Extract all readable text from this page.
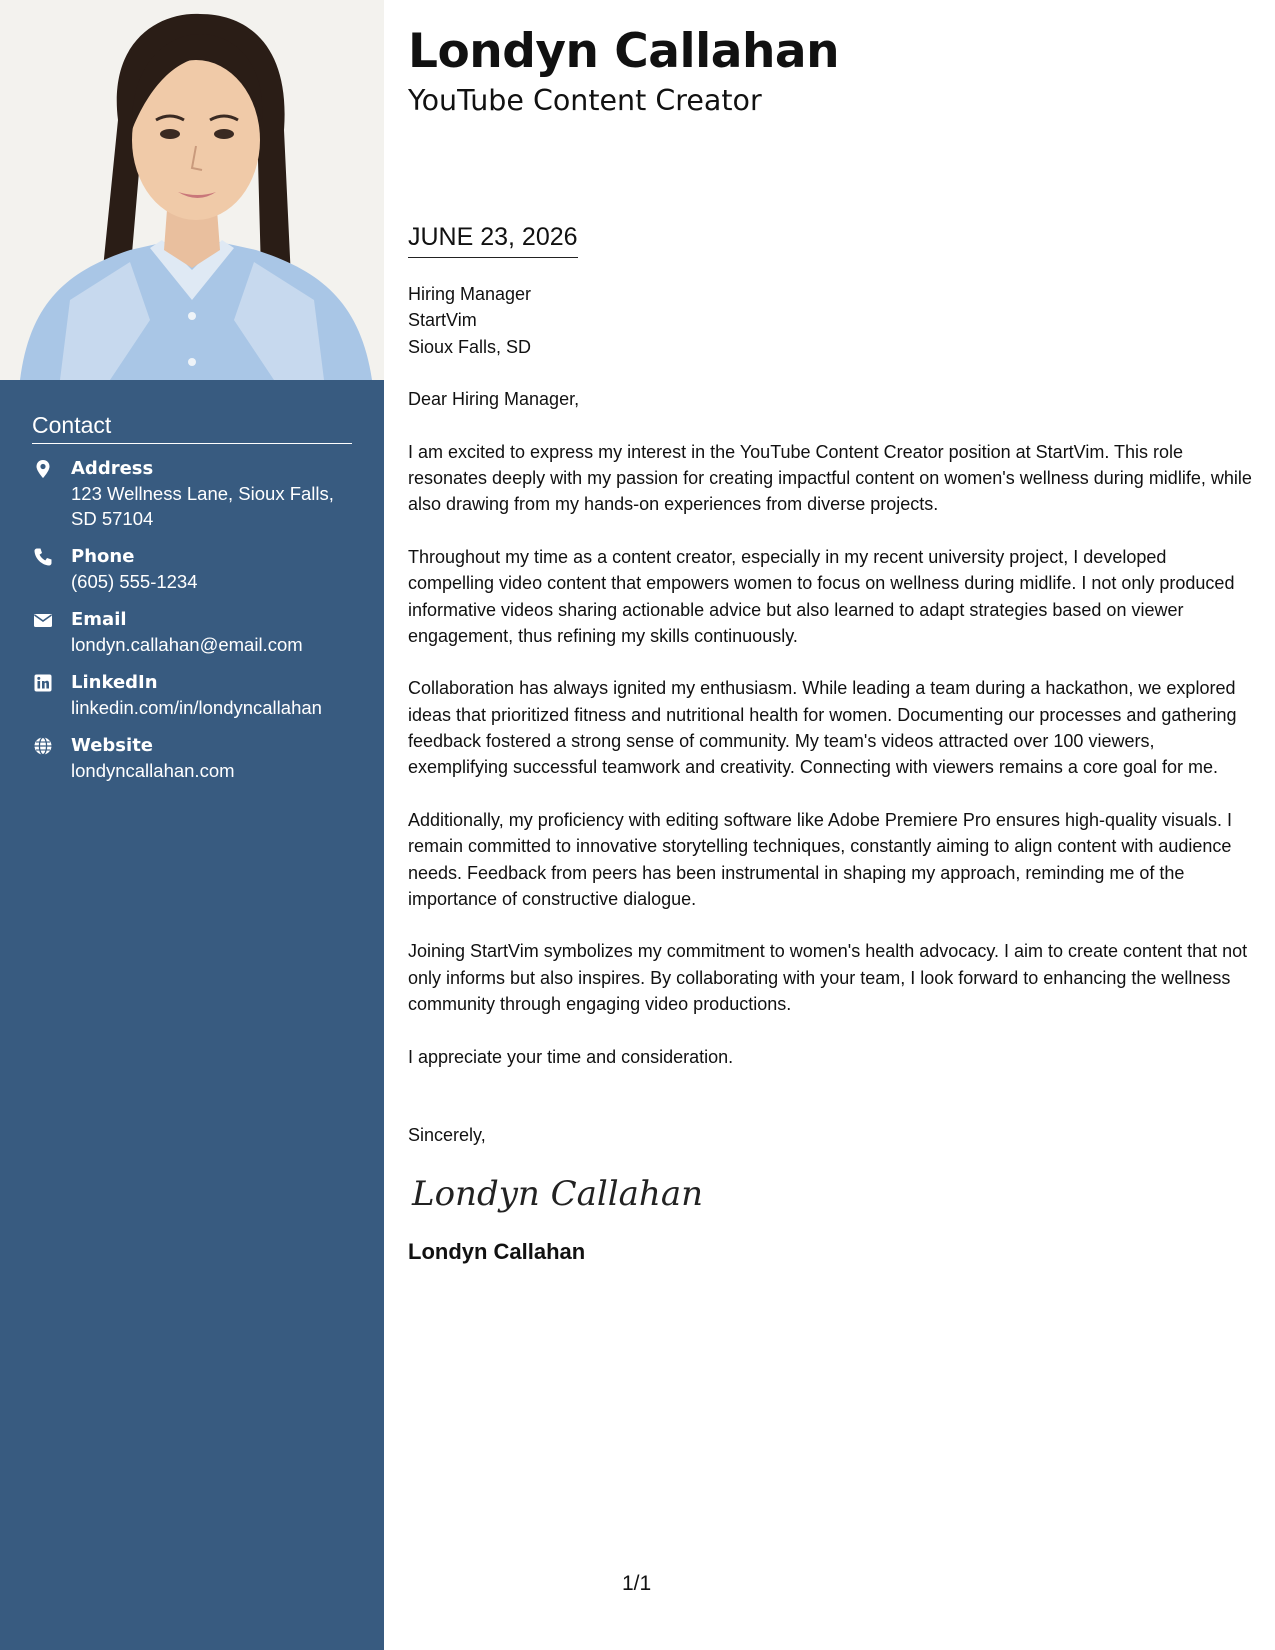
Contact
Address
123 Wellness Lane, Sioux Falls, SD 57104
Phone
(605) 555-1234
Email
londyn.callahan@email.com
LinkedIn
linkedin.com/in/londyncallahan
Website
londyncallahan.com
Londyn Callahan
YouTube Content Creator
JUNE 23, 2026

Hiring Manager

StartVim

Sioux Falls, SD

Dear Hiring Manager,

I am excited to express my interest in the YouTube Content Creator position at StartVim. This role resonates deeply with my passion for creating impactful content on women's wellness during midlife, while also drawing from my hands-on experiences from diverse projects.

Throughout my time as a content creator, especially in my recent university project, I developed compelling video content that empowers women to focus on wellness during midlife. I not only produced informative videos sharing actionable advice but also learned to adapt strategies based on viewer engagement, thus refining my skills continuously.

Collaboration has always ignited my enthusiasm. While leading a team during a hackathon, we explored ideas that prioritized fitness and nutritional health for women. Documenting our processes and gathering feedback fostered a strong sense of community. My team's videos attracted over 100 viewers, exemplifying successful teamwork and creativity. Connecting with viewers remains a core goal for me.

Additionally, my proficiency with editing software like Adobe Premiere Pro ensures high-quality visuals. I remain committed to innovative storytelling techniques, constantly aiming to align content with audience needs. Feedback from peers has been instrumental in shaping my approach, reminding me of the importance of constructive dialogue.

Joining StartVim symbolizes my commitment to women's health advocacy. I aim to create content that not only informs but also inspires. By collaborating with your team, I look forward to enhancing the wellness community through engaging video productions.

I appreciate your time and consideration.

Sincerely,

Londyn Callahan
Londyn Callahan
1/1
